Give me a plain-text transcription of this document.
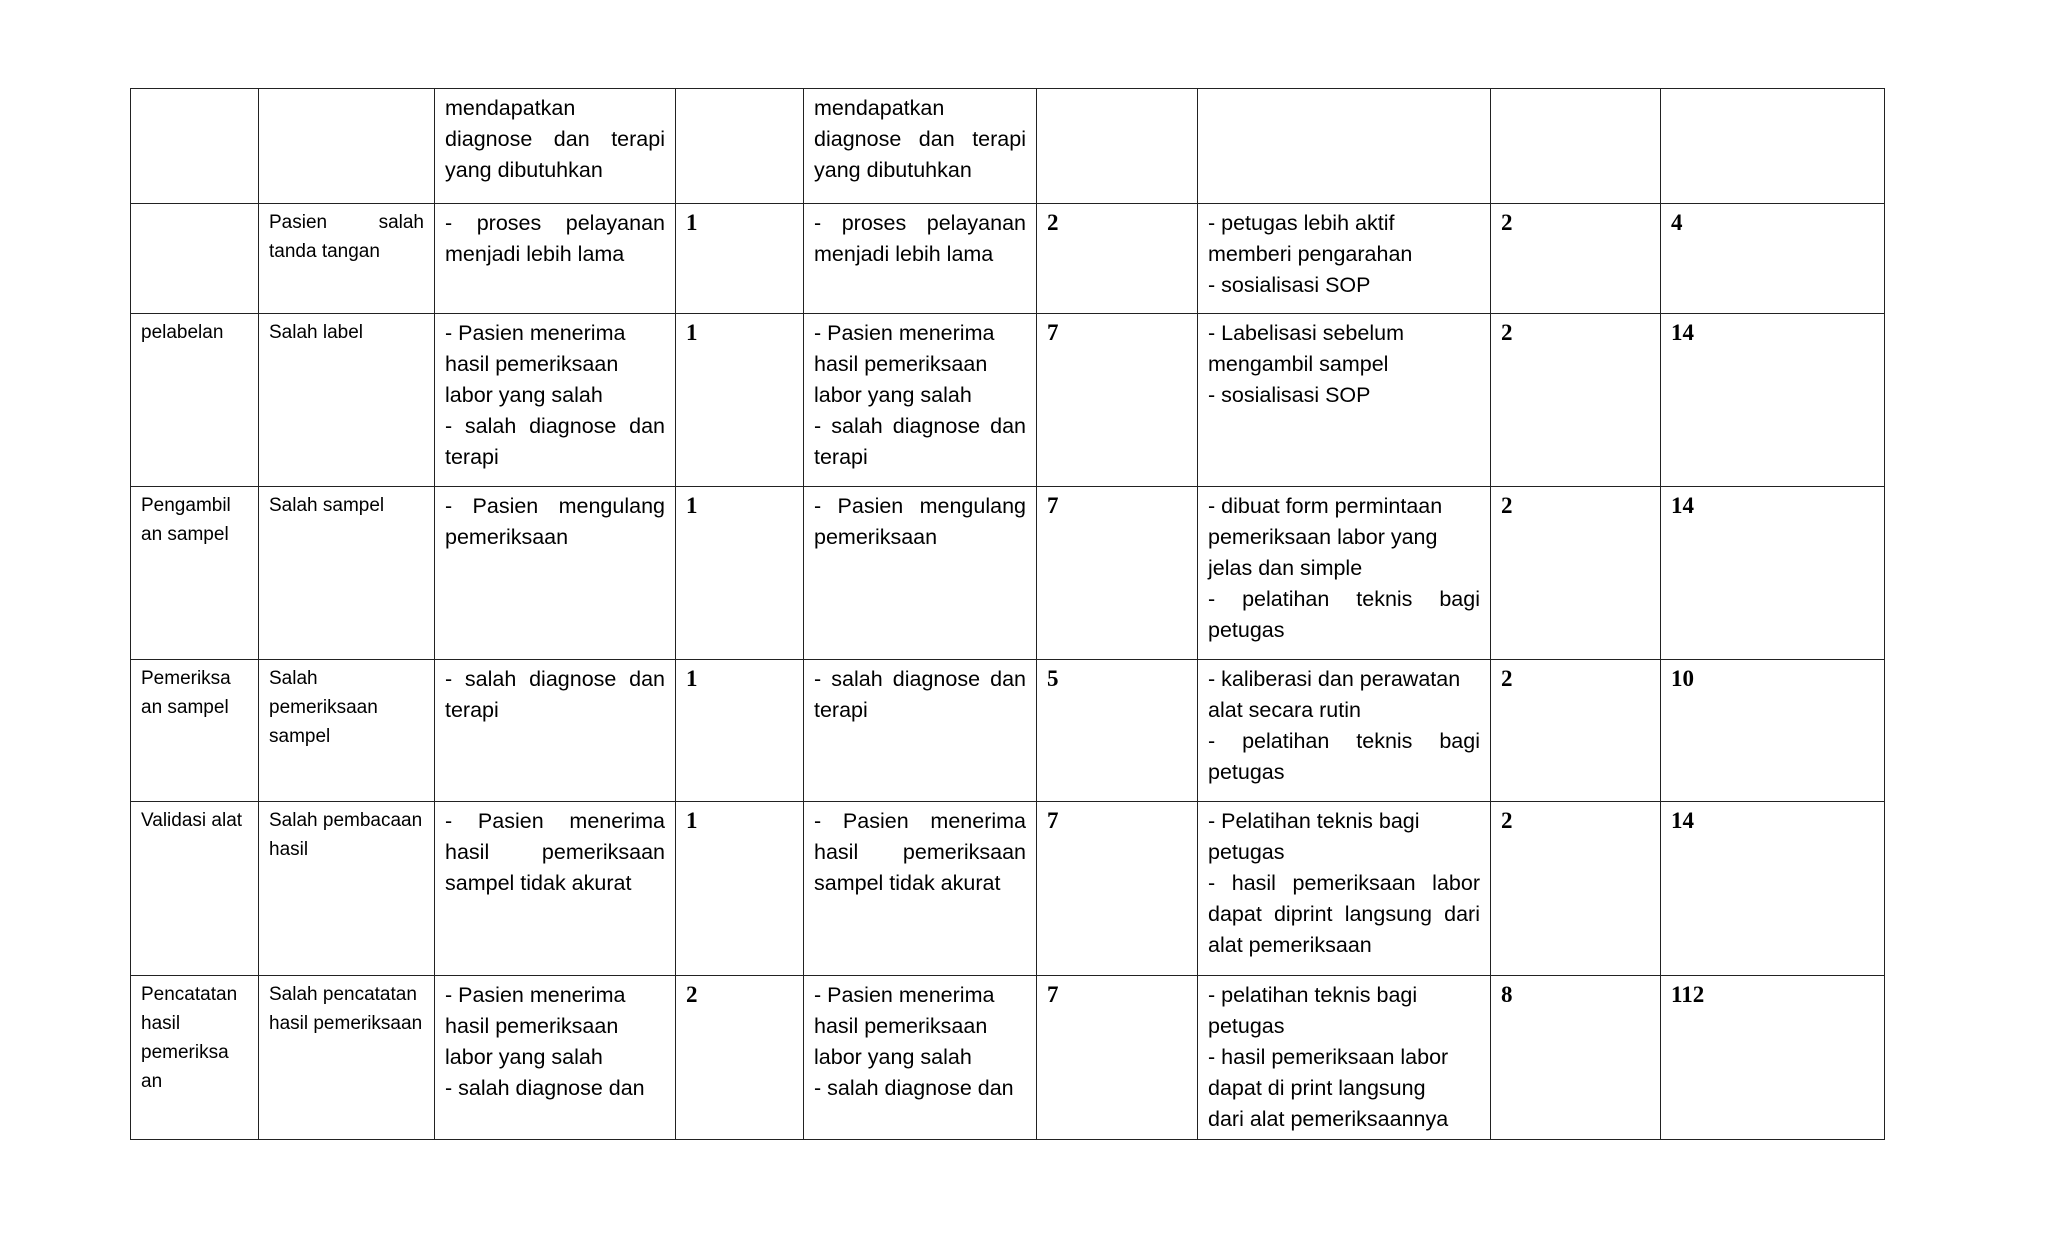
		mendapatkan diagnose dan terapi yang dibutuhkan		mendapatkan diagnose dan terapi yang dibutuhkan				
	Pasien salah tanda tangan	- proses pelayanan menjadi lebih lama	1	- proses pelayanan menjadi lebih lama	2	- petugas lebih aktif
memberi pengarahan
- sosialisasi SOP	2	4
pelabelan	Salah label	- Pasien menerima
hasil pemeriksaan
labor yang salah
- salah diagnose dan terapi	1	- Pasien menerima
hasil pemeriksaan
labor yang salah
- salah diagnose dan terapi	7	- Labelisasi sebelum
mengambil sampel
- sosialisasi SOP	2	14
Pengambil an sampel	Salah sampel	- Pasien mengulang pemeriksaan	1	- Pasien mengulang pemeriksaan	7	- dibuat form permintaan
pemeriksaan labor yang
jelas dan simple
- pelatihan teknis bagi petugas	2	14
Pemeriksa an sampel	Salah pemeriksaan sampel	- salah diagnose dan terapi	1	- salah diagnose dan terapi	5	- kaliberasi dan perawatan
alat secara rutin
- pelatihan teknis bagi petugas	2	10
Validasi alat	Salah pembacaan hasil	- Pasien menerima hasil pemeriksaan sampel tidak akurat	1	- Pasien menerima hasil pemeriksaan sampel tidak akurat	7	- Pelatihan teknis bagi
petugas
- hasil pemeriksaan labor dapat diprint langsung dari alat pemeriksaan	2	14
Pencatatan hasil pemeriksa an	Salah pencatatan hasil pemeriksaan	- Pasien menerima
hasil pemeriksaan
labor yang salah
- salah diagnose dan	2	- Pasien menerima
hasil pemeriksaan
labor yang salah
- salah diagnose dan	7	- pelatihan teknis bagi
petugas
- hasil pemeriksaan labor
dapat di print langsung
dari alat pemeriksaannya	8	112
